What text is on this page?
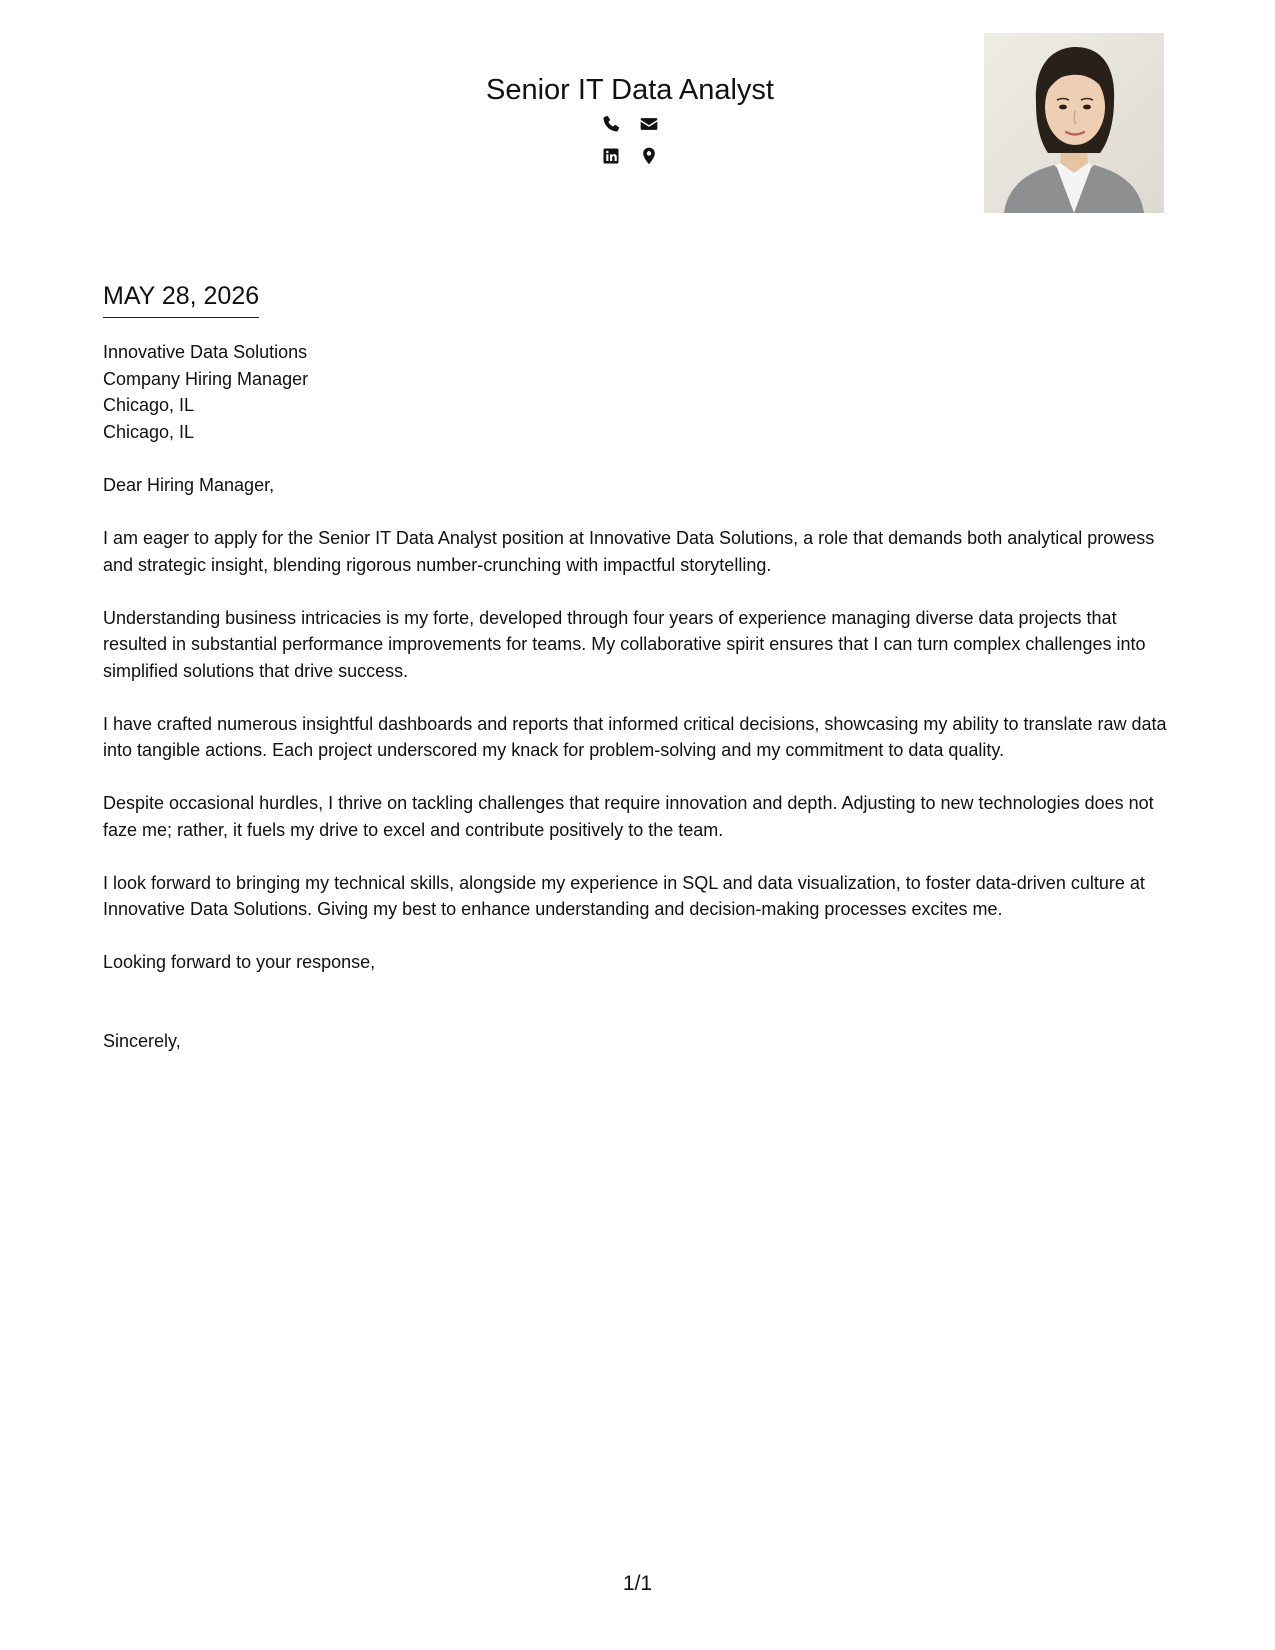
Senior IT Data Analyst
MAY 28, 2026
Innovative Data Solutions
Company Hiring Manager
Chicago, IL
Chicago, IL

Dear Hiring Manager,

I am eager to apply for the Senior IT Data Analyst position at Innovative Data Solutions, a role that demands both analytical prowess and strategic insight, blending rigorous number-crunching with impactful storytelling.

Understanding business intricacies is my forte, developed through four years of experience managing diverse data projects that resulted in substantial performance improvements for teams. My collaborative spirit ensures that I can turn complex challenges into simplified solutions that drive success.

I have crafted numerous insightful dashboards and reports that informed critical decisions, showcasing my ability to translate raw data into tangible actions. Each project underscored my knack for problem-solving and my commitment to data quality.

Despite occasional hurdles, I thrive on tackling challenges that require innovation and depth. Adjusting to new technologies does not faze me; rather, it fuels my drive to excel and contribute positively to the team.

I look forward to bringing my technical skills, alongside my experience in SQL and data visualization, to foster data-driven culture at Innovative Data Solutions. Giving my best to enhance understanding and decision-making processes excites me.

Looking forward to your response,

Sincerely,

1/1
